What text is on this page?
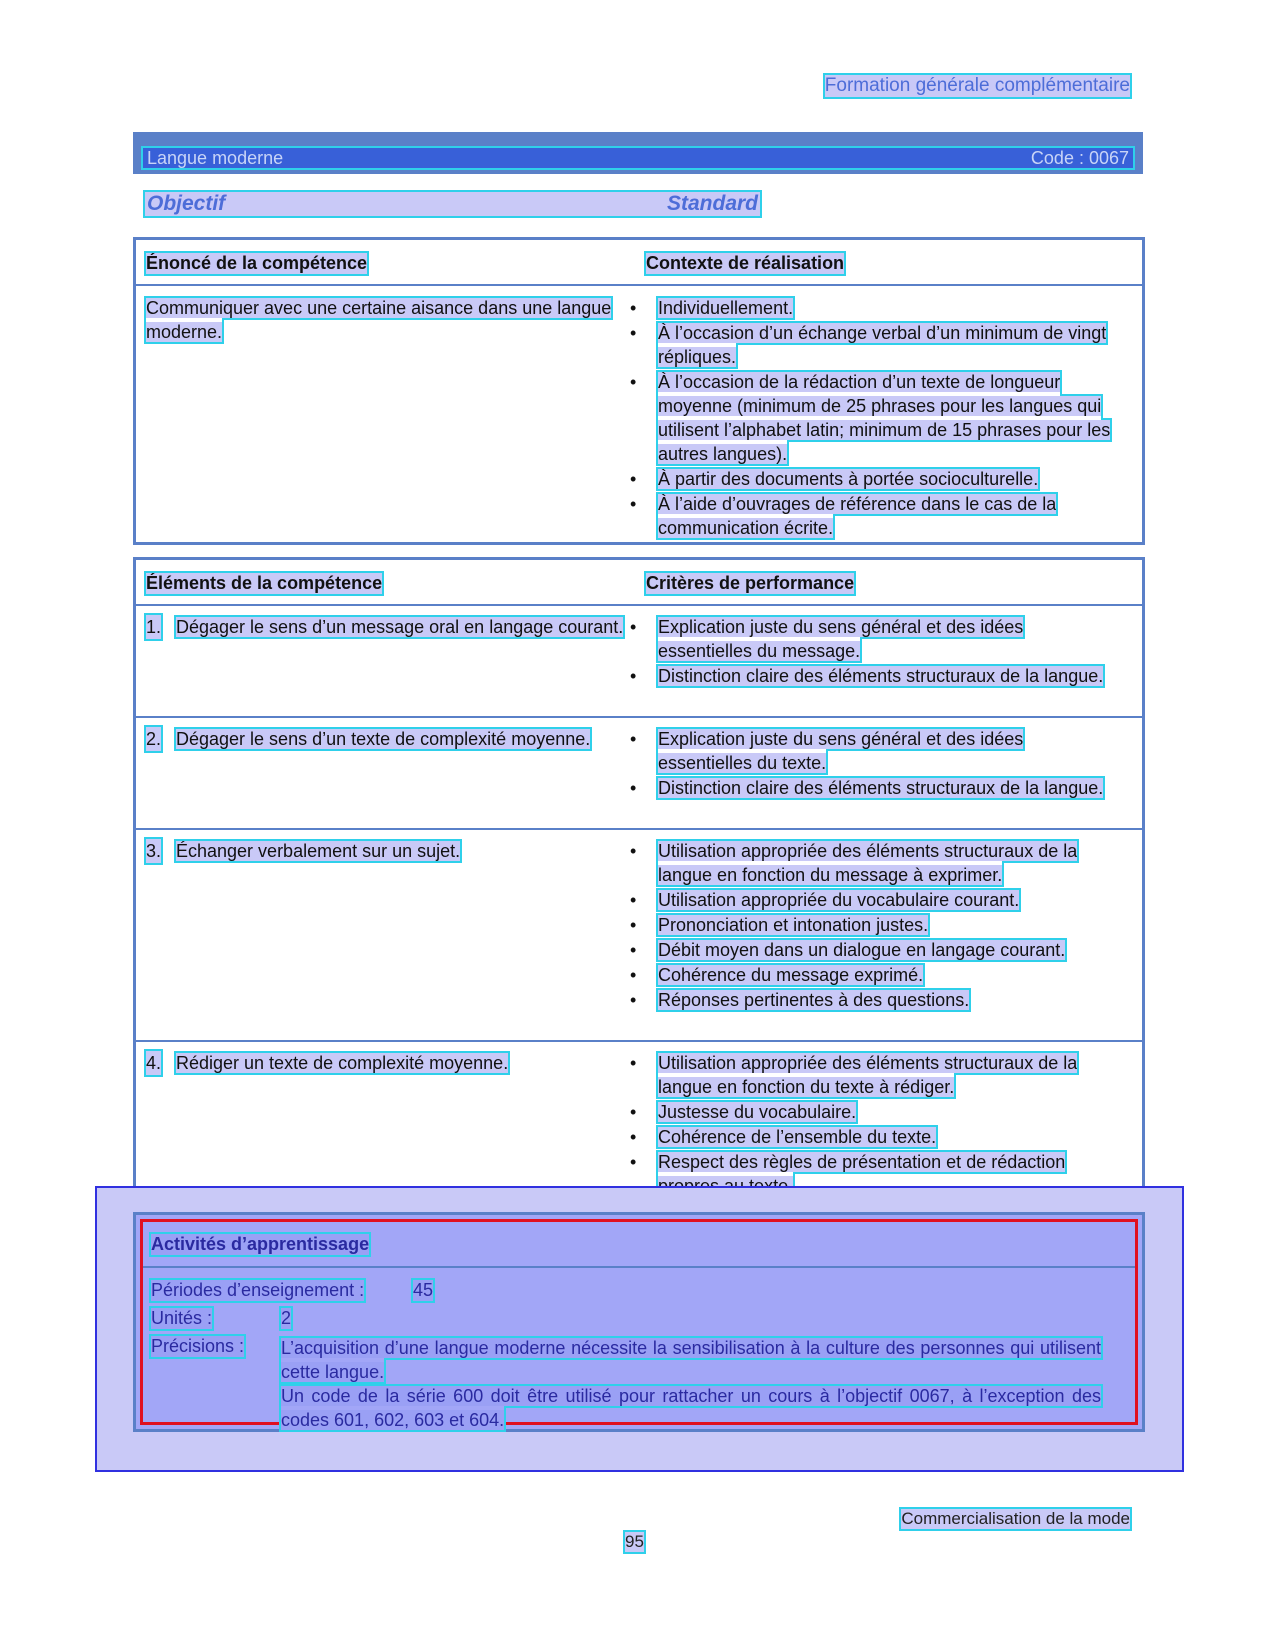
Formation générale complémentaire
Langue moderne	Code : 0067
Objectif	Standard
Énoncé de la compétence	Contexte de réalisation
Communiquer avec une certaine aisance dans une langue moderne.
• Individuellement.
• À l’occasion d’un échange verbal d’un minimum de vingt répliques.
• À l’occasion de la rédaction d’un texte de longueur moyenne (minimum de 25 phrases pour les langues qui utilisent l’alphabet latin; minimum de 15 phrases pour les autres langues).
• À partir des documents à portée socioculturelle.
• À l’aide d’ouvrages de référence dans le cas de la communication écrite.
Éléments de la compétence	Critères de performance
1. Dégager le sens d’un message oral en langage courant.	• Explication juste du sens général et des idées essentielles du message.
• Distinction claire des éléments structuraux de la langue.
2. Dégager le sens d’un texte de complexité moyenne.	• Explication juste du sens général et des idées essentielles du texte.
• Distinction claire des éléments structuraux de la langue.
3. Échanger verbalement sur un sujet.	• Utilisation appropriée des éléments structuraux de la langue en fonction du message à exprimer.
• Utilisation appropriée du vocabulaire courant.
• Prononciation et intonation justes.
• Débit moyen dans un dialogue en langage courant.
• Cohérence du message exprimé.
• Réponses pertinentes à des questions.
4. Rédiger un texte de complexité moyenne.	• Utilisation appropriée des éléments structuraux de la langue en fonction du texte à rédiger.
• Justesse du vocabulaire.
• Cohérence de l’ensemble du texte.
• Respect des règles de présentation et de rédaction
Activités d’apprentissage
Périodes d’enseignement :	45
Unités :	2
Précisions : L’acquisition d’une langue moderne nécessite la sensibilisation à la culture des personnes qui utilisent cette langue.
Un code de la série 600 doit être utilisé pour rattacher un cours à l’objectif 0067, à l’exception des codes 601, 602, 603 et 604.
Commercialisation de la mode
95
